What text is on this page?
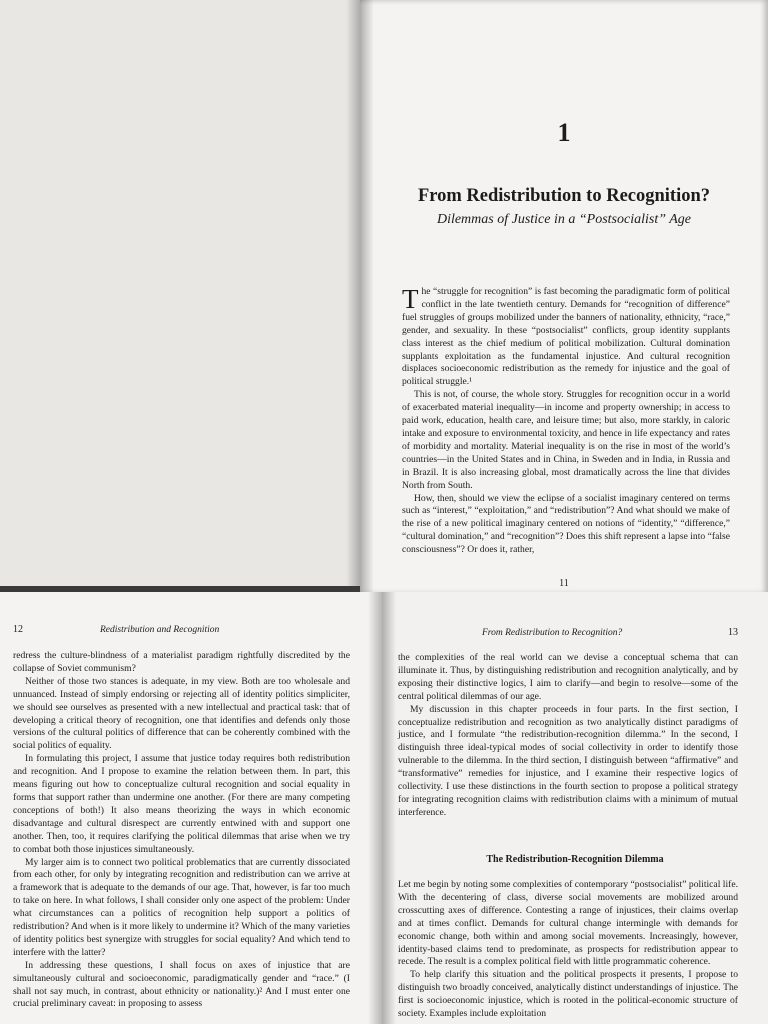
1
From Redistribution to Recognition?
Dilemmas of Justice in a “Postsocialist” Age

The “struggle for recognition” is fast becoming the paradigmatic form of political conflict in the late twentieth century. Demands for “recognition of difference” fuel struggles of groups mobilized under the banners of nationality, ethnicity, “race,” gender, and sexuality. In these “postsocialist” conflicts, group identity supplants class interest as the chief medium of political mobilization. Cultural domination supplants exploitation as the fundamental injustice. And cultural recognition displaces socioeconomic redistribution as the remedy for injustice and the goal of political struggle.¹

This is not, of course, the whole story. Struggles for recognition occur in a world of exacerbated material inequality—in income and property ownership; in access to paid work, education, health care, and leisure time; but also, more starkly, in caloric intake and exposure to environmental toxicity, and hence in life expectancy and rates of morbidity and mortality. Material inequality is on the rise in most of the world’s countries—in the United States and in China, in Sweden and in India, in Russia and in Brazil. It is also increasing global, most dramatically across the line that divides North from South.

How, then, should we view the eclipse of a socialist imaginary centered on terms such as “interest,” “exploitation,” and “redistribution”? And what should we make of the rise of a new political imaginary centered on notions of “identity,” “difference,” “cultural domination,” and “recognition”? Does this shift represent a lapse into “false consciousness”? Or does it, rather,

11
12	Redistribution and Recognition

redress the culture-blindness of a materialist paradigm rightfully discredited by the collapse of Soviet communism?

Neither of those two stances is adequate, in my view. Both are too wholesale and unnuanced. Instead of simply endorsing or rejecting all of identity politics simpliciter, we should see ourselves as presented with a new intellectual and practical task: that of developing a critical theory of recognition, one that identifies and defends only those versions of the cultural politics of difference that can be coherently combined with the social politics of equality.

In formulating this project, I assume that justice today requires both redistribution and recognition. And I propose to examine the relation between them. In part, this means figuring out how to conceptualize cultural recognition and social equality in forms that support rather than undermine one another. (For there are many competing conceptions of both!) It also means theorizing the ways in which economic disadvantage and cultural disrespect are currently entwined with and support one another. Then, too, it requires clarifying the political dilemmas that arise when we try to combat both those injustices simultaneously.

My larger aim is to connect two political problematics that are currently dissociated from each other, for only by integrating recognition and redistribution can we arrive at a framework that is adequate to the demands of our age. That, however, is far too much to take on here. In what follows, I shall consider only one aspect of the problem: Under what circumstances can a politics of recognition help support a politics of redistribution? And when is it more likely to undermine it? Which of the many varieties of identity politics best synergize with struggles for social equality? And which tend to interfere with the latter?

In addressing these questions, I shall focus on axes of injustice that are simultaneously cultural and socioeconomic, paradigmatically gender and “race.” (I shall not say much, in contrast, about ethnicity or nationality.)² And I must enter one crucial preliminary caveat: in proposing to assess

From Redistribution to Recognition?	13

the complexities of the real world can we devise a conceptual schema that can illuminate it. Thus, by distinguishing redistribution and recognition analytically, and by exposing their distinctive logics, I aim to clarify—and begin to resolve—some of the central political dilemmas of our age.

My discussion in this chapter proceeds in four parts. In the first section, I conceptualize redistribution and recognition as two analytically distinct paradigms of justice, and I formulate “the redistribution-recognition dilemma.” In the second, I distinguish three ideal-typical modes of social collectivity in order to identify those vulnerable to the dilemma. In the third section, I distinguish between “affirmative” and “transformative” remedies for injustice, and I examine their respective logics of collectivity. I use these distinctions in the fourth section to propose a political strategy for integrating recognition claims with redistribution claims with a minimum of mutual interference.

The Redistribution-Recognition Dilemma

Let me begin by noting some complexities of contemporary “postsocialist” political life. With the decentering of class, diverse social movements are mobilized around crosscutting axes of difference. Contesting a range of injustices, their claims overlap and at times conflict. Demands for cultural change intermingle with demands for economic change, both within and among social movements. Increasingly, however, identity-based claims tend to predominate, as prospects for redistribution appear to recede. The result is a complex political field with little programmatic coherence.

To help clarify this situation and the political prospects it presents, I propose to distinguish two broadly conceived, analytically distinct understandings of injustice. The first is socioeconomic injustice, which is rooted in the political-economic structure of society. Examples include exploitation
